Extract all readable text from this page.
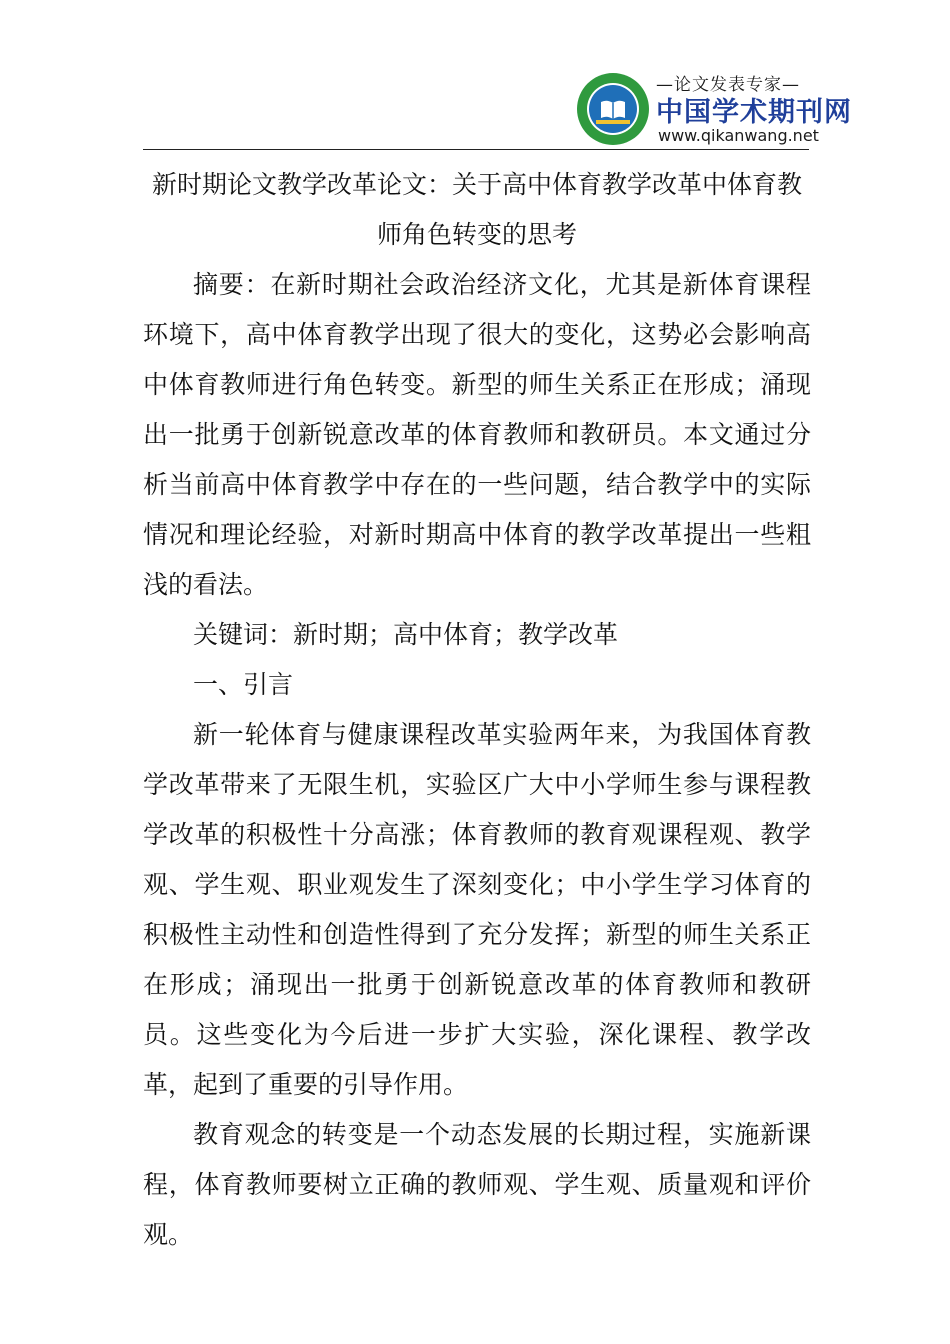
—论文发表专家—
中国学术期刊网
www.qikanwang.net
新时期论文教学改革论文：关于高中体育教学改革中体育教师角色转变的思考

摘要：在新时期社会政治经济文化，尤其是新体育课程环境下，高中体育教学出现了很大的变化，这势必会影响高中体育教师进行角色转变。新型的师生关系正在形成；涌现出一批勇于创新锐意改革的体育教师和教研员。本文通过分析当前高中体育教学中存在的一些问题，结合教学中的实际情况和理论经验，对新时期高中体育的教学改革提出一些粗浅的看法。

关键词：新时期；高中体育；教学改革

一、引言

新一轮体育与健康课程改革实验两年来，为我国体育教学改革带来了无限生机，实验区广大中小学师生参与课程教学改革的积极性十分高涨；体育教师的教育观课程观、教学观、学生观、职业观发生了深刻变化；中小学生学习体育的积极性主动性和创造性得到了充分发挥；新型的师生关系正在形成；涌现出一批勇于创新锐意改革的体育教师和教研员。这些变化为今后进一步扩大实验，深化课程、教学改革，起到了重要的引导作用。

教育观念的转变是一个动态发展的长期过程，实施新课程，体育教师要树立正确的教师观、学生观、质量观和评价观。
